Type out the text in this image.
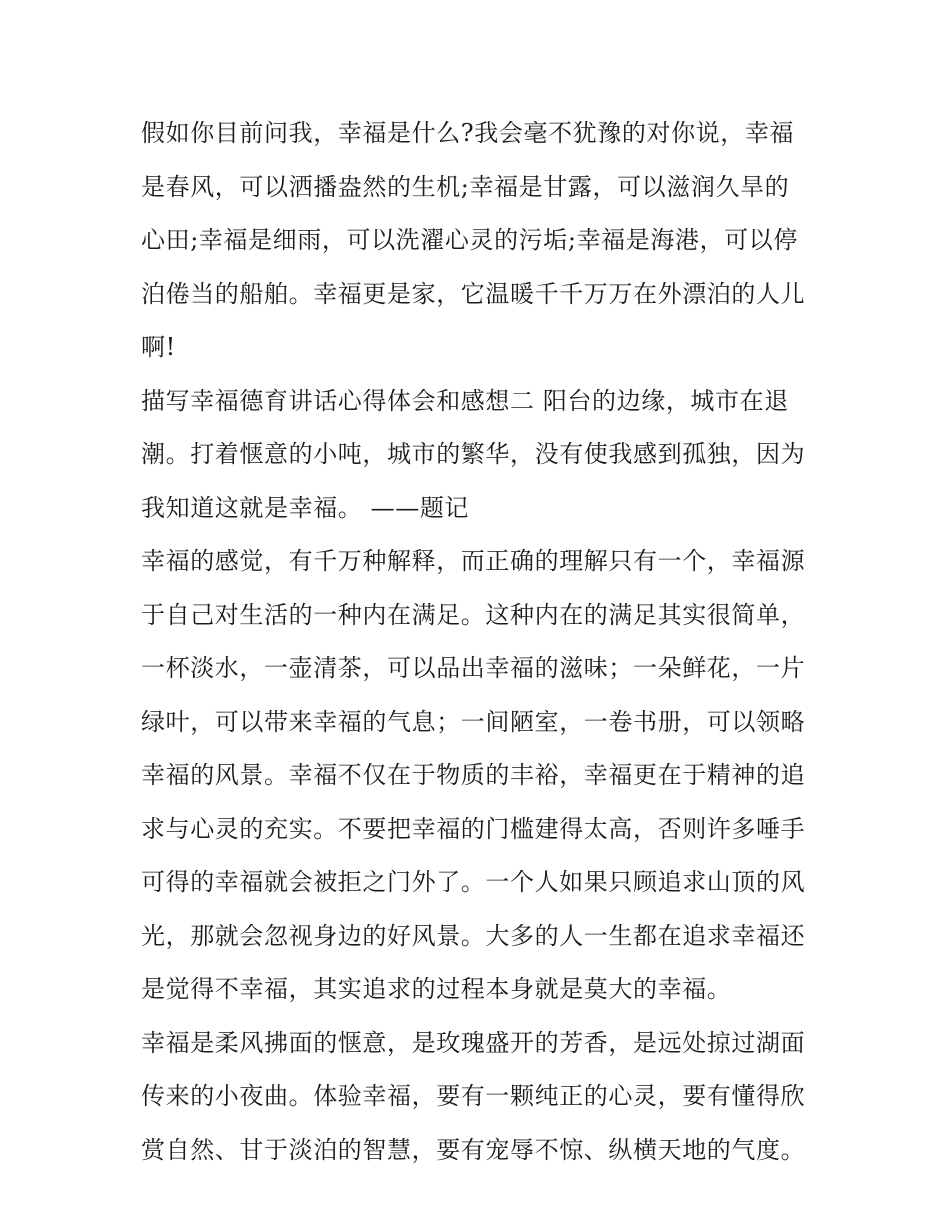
假如你目前问我，幸福是什么?我会毫不犹豫的对你说，幸福
是春风，可以洒播盎然的生机;幸福是甘露，可以滋润久旱的
心田;幸福是细雨，可以洗濯心灵的污垢;幸福是海港，可以停
泊倦当的船舶。幸福更是家，它温暖千千万万在外漂泊的人儿
啊!
描写幸福德育讲话心得体会和感想二 阳台的边缘，城市在退
潮。打着惬意的小吨，城市的繁华，没有使我感到孤独，因为
我知道这就是幸福。 ——题记
幸福的感觉，有千万种解释，而正确的理解只有一个，幸福源
于自己对生活的一种内在满足。这种内在的满足其实很简单，
一杯淡水，一壶清茶，可以品出幸福的滋味；一朵鲜花，一片
绿叶，可以带来幸福的气息；一间陋室，一卷书册，可以领略
幸福的风景。幸福不仅在于物质的丰裕，幸福更在于精神的追
求与心灵的充实。不要把幸福的门槛建得太高，否则许多唾手
可得的幸福就会被拒之门外了。一个人如果只顾追求山顶的风
光，那就会忽视身边的好风景。大多的人一生都在追求幸福还
是觉得不幸福，其实追求的过程本身就是莫大的幸福。
幸福是柔风拂面的惬意，是玫瑰盛开的芳香，是远处掠过湖面
传来的小夜曲。体验幸福，要有一颗纯正的心灵，要有懂得欣
赏自然、甘于淡泊的智慧，要有宠辱不惊、纵横天地的气度。
